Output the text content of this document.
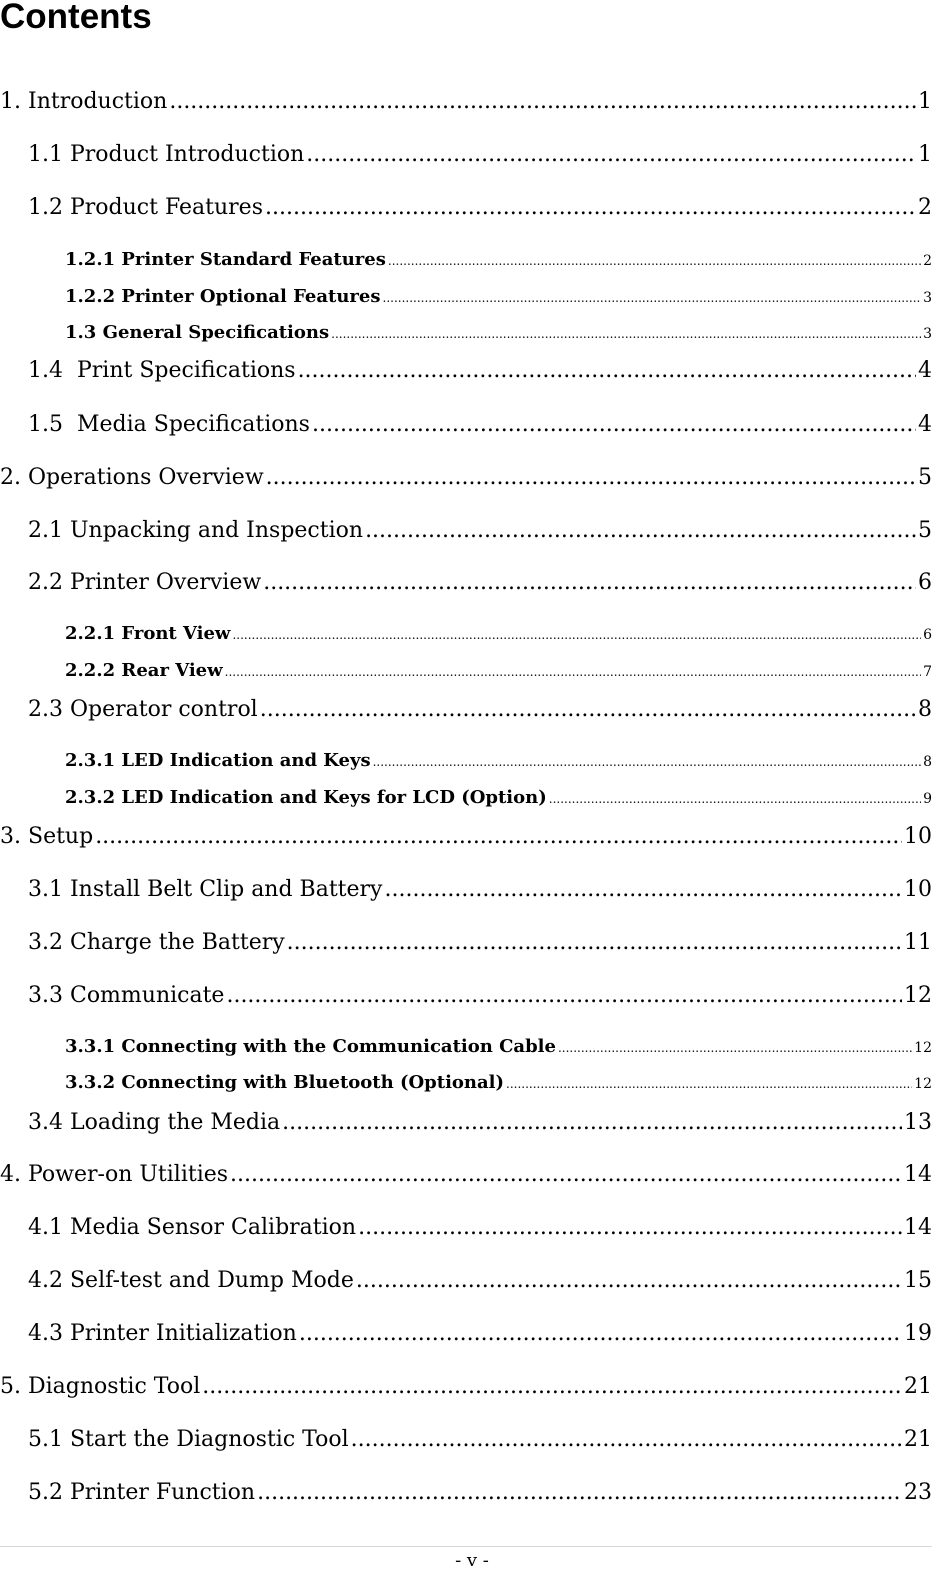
Contents
1. Introduction .....	1
1.1 Product Introduction .....	1
1.2 Product Features .....	2
1.2.1 Printer Standard Features .....	2
1.2.2 Printer Optional Features .....	3
1.3 General Specifications .....	3
1.4  Print Specifications .....	4
1.5  Media Specifications .....	4
2. Operations Overview .....	5
2.1 Unpacking and Inspection .....	5
2.2 Printer Overview .....	6
2.2.1 Front View .....	6
2.2.2 Rear View .....	7
2.3 Operator control .....	8
2.3.1 LED Indication and Keys .....	8
2.3.2 LED Indication and Keys for LCD (Option) .....	9
3. Setup .....	10
3.1 Install Belt Clip and Battery .....	10
3.2 Charge the Battery .....	11
3.3 Communicate .....	12
3.3.1 Connecting with the Communication Cable .....	12
3.3.2 Connecting with Bluetooth (Optional) .....	12
3.4 Loading the Media .....	13
4. Power-on Utilities .....	14
4.1 Media Sensor Calibration .....	14
4.2 Self-test and Dump Mode .....	15
4.3 Printer Initialization .....	19
5. Diagnostic Tool .....	21
5.1 Start the Diagnostic Tool .....	21
5.2 Printer Function .....	23
- v -
